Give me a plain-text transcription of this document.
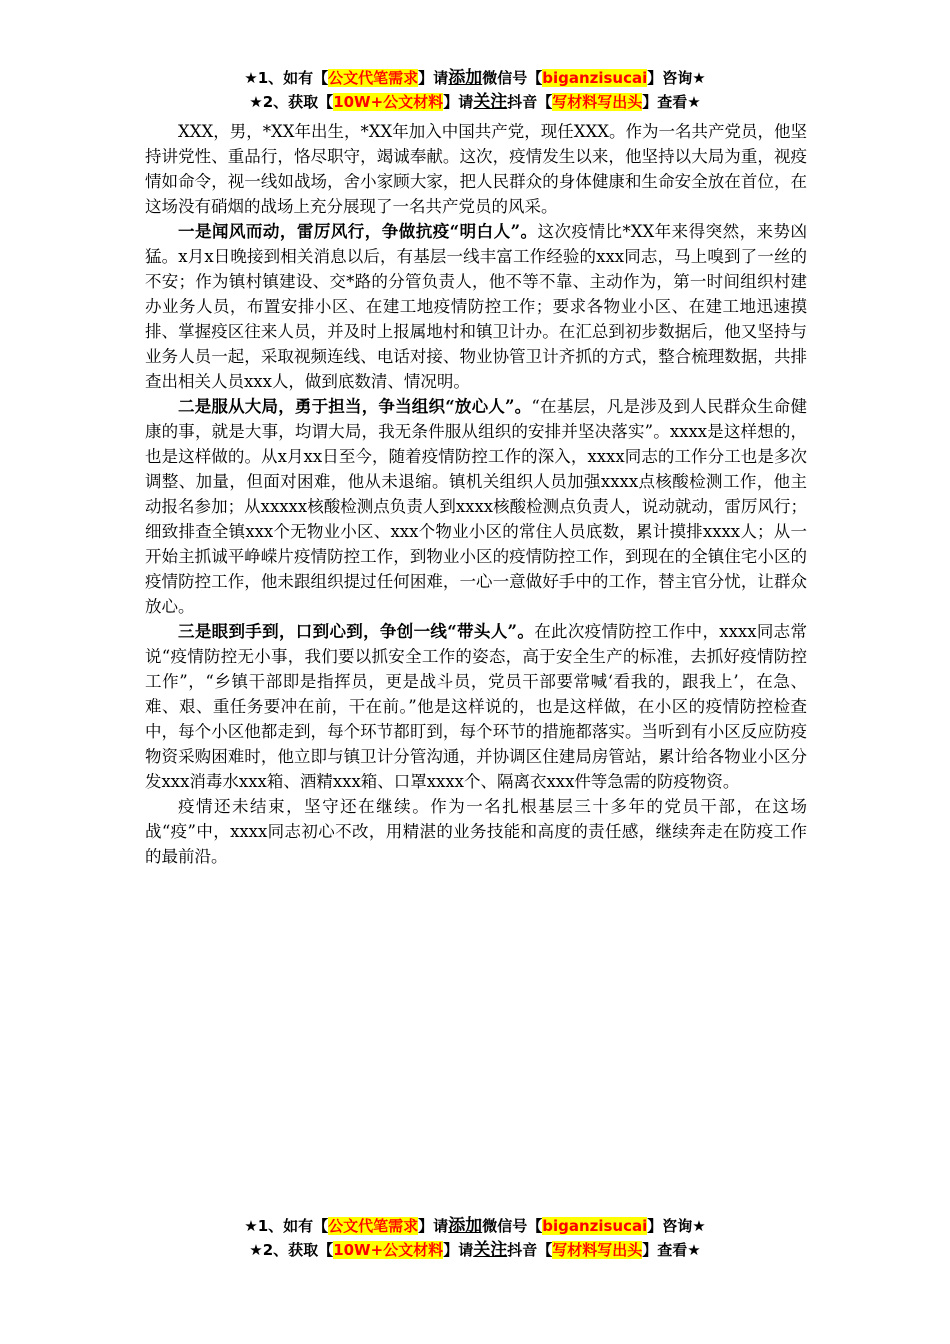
★1、如有【公文代笔需求】请添加微信号【biganzisucai】咨询★
★2、获取【10W+公文材料】请关注抖音【写材料写出头】查看★

XXX，男，*XX年出生，*XX年加入中国共产党，现任XXX。作为一名共产党员，他坚持讲党性、重品行，恪尽职守，竭诚奉献。这次，疫情发生以来，他坚持以大局为重，视疫情如命令，视一线如战场，舍小家顾大家，把人民群众的身体健康和生命安全放在首位，在这场没有硝烟的战场上充分展现了一名共产党员的风采。

一是闻风而动，雷厉风行，争做抗疫“明白人”。这次疫情比*XX年来得突然，来势凶猛。x月x日晚接到相关消息以后，有基层一线丰富工作经验的xxx同志，马上嗅到了一丝的不安；作为镇村镇建设、交*路的分管负责人，他不等不靠、主动作为，第一时间组织村建办业务人员，布置安排小区、在建工地疫情防控工作；要求各物业小区、在建工地迅速摸排、掌握疫区往来人员，并及时上报属地村和镇卫计办。在汇总到初步数据后，他又坚持与业务人员一起，采取视频连线、电话对接、物业协管卫计齐抓的方式，整合梳理数据，共排查出相关人员xxx人，做到底数清、情况明。

二是服从大局，勇于担当，争当组织“放心人”。“在基层，凡是涉及到人民群众生命健康的事，就是大事，均谓大局，我无条件服从组织的安排并坚决落实”。xxxx是这样想的，也是这样做的。从x月xx日至今，随着疫情防控工作的深入，xxxx同志的工作分工也是多次调整、加量，但面对困难，他从未退缩。镇机关组织人员加强xxxx点核酸检测工作，他主动报名参加；从xxxxx核酸检测点负责人到xxxx核酸检测点负责人，说动就动，雷厉风行；细致排查全镇xxx个无物业小区、xxx个物业小区的常住人员底数，累计摸排xxxx人；从一开始主抓诚平峥嵘片疫情防控工作，到物业小区的疫情防控工作，到现在的全镇住宅小区的疫情防控工作，他未跟组织提过任何困难，一心一意做好手中的工作，替主官分忧，让群众放心。

三是眼到手到，口到心到，争创一线“带头人”。在此次疫情防控工作中，xxxx同志常说“疫情防控无小事，我们要以抓安全工作的姿态，高于安全生产的标准，去抓好疫情防控工作”，“乡镇干部即是指挥员，更是战斗员，党员干部要常喊‘看我的，跟我上’，在急、难、艰、重任务要冲在前，干在前。”他是这样说的，也是这样做，在小区的疫情防控检查中，每个小区他都走到，每个环节都盯到，每个环节的措施都落实。当听到有小区反应防疫物资采购困难时，他立即与镇卫计分管沟通，并协调区住建局房管站，累计给各物业小区分发xxx消毒水xxx箱、酒精xxx箱、口罩xxxx个、隔离衣xxx件等急需的防疫物资。

疫情还未结束，坚守还在继续。作为一名扎根基层三十多年的党员干部，在这场战“疫”中，xxxx同志初心不改，用精湛的业务技能和高度的责任感，继续奔走在防疫工作的最前沿。

★1、如有【公文代笔需求】请添加微信号【biganzisucai】咨询★
★2、获取【10W+公文材料】请关注抖音【写材料写出头】查看★
